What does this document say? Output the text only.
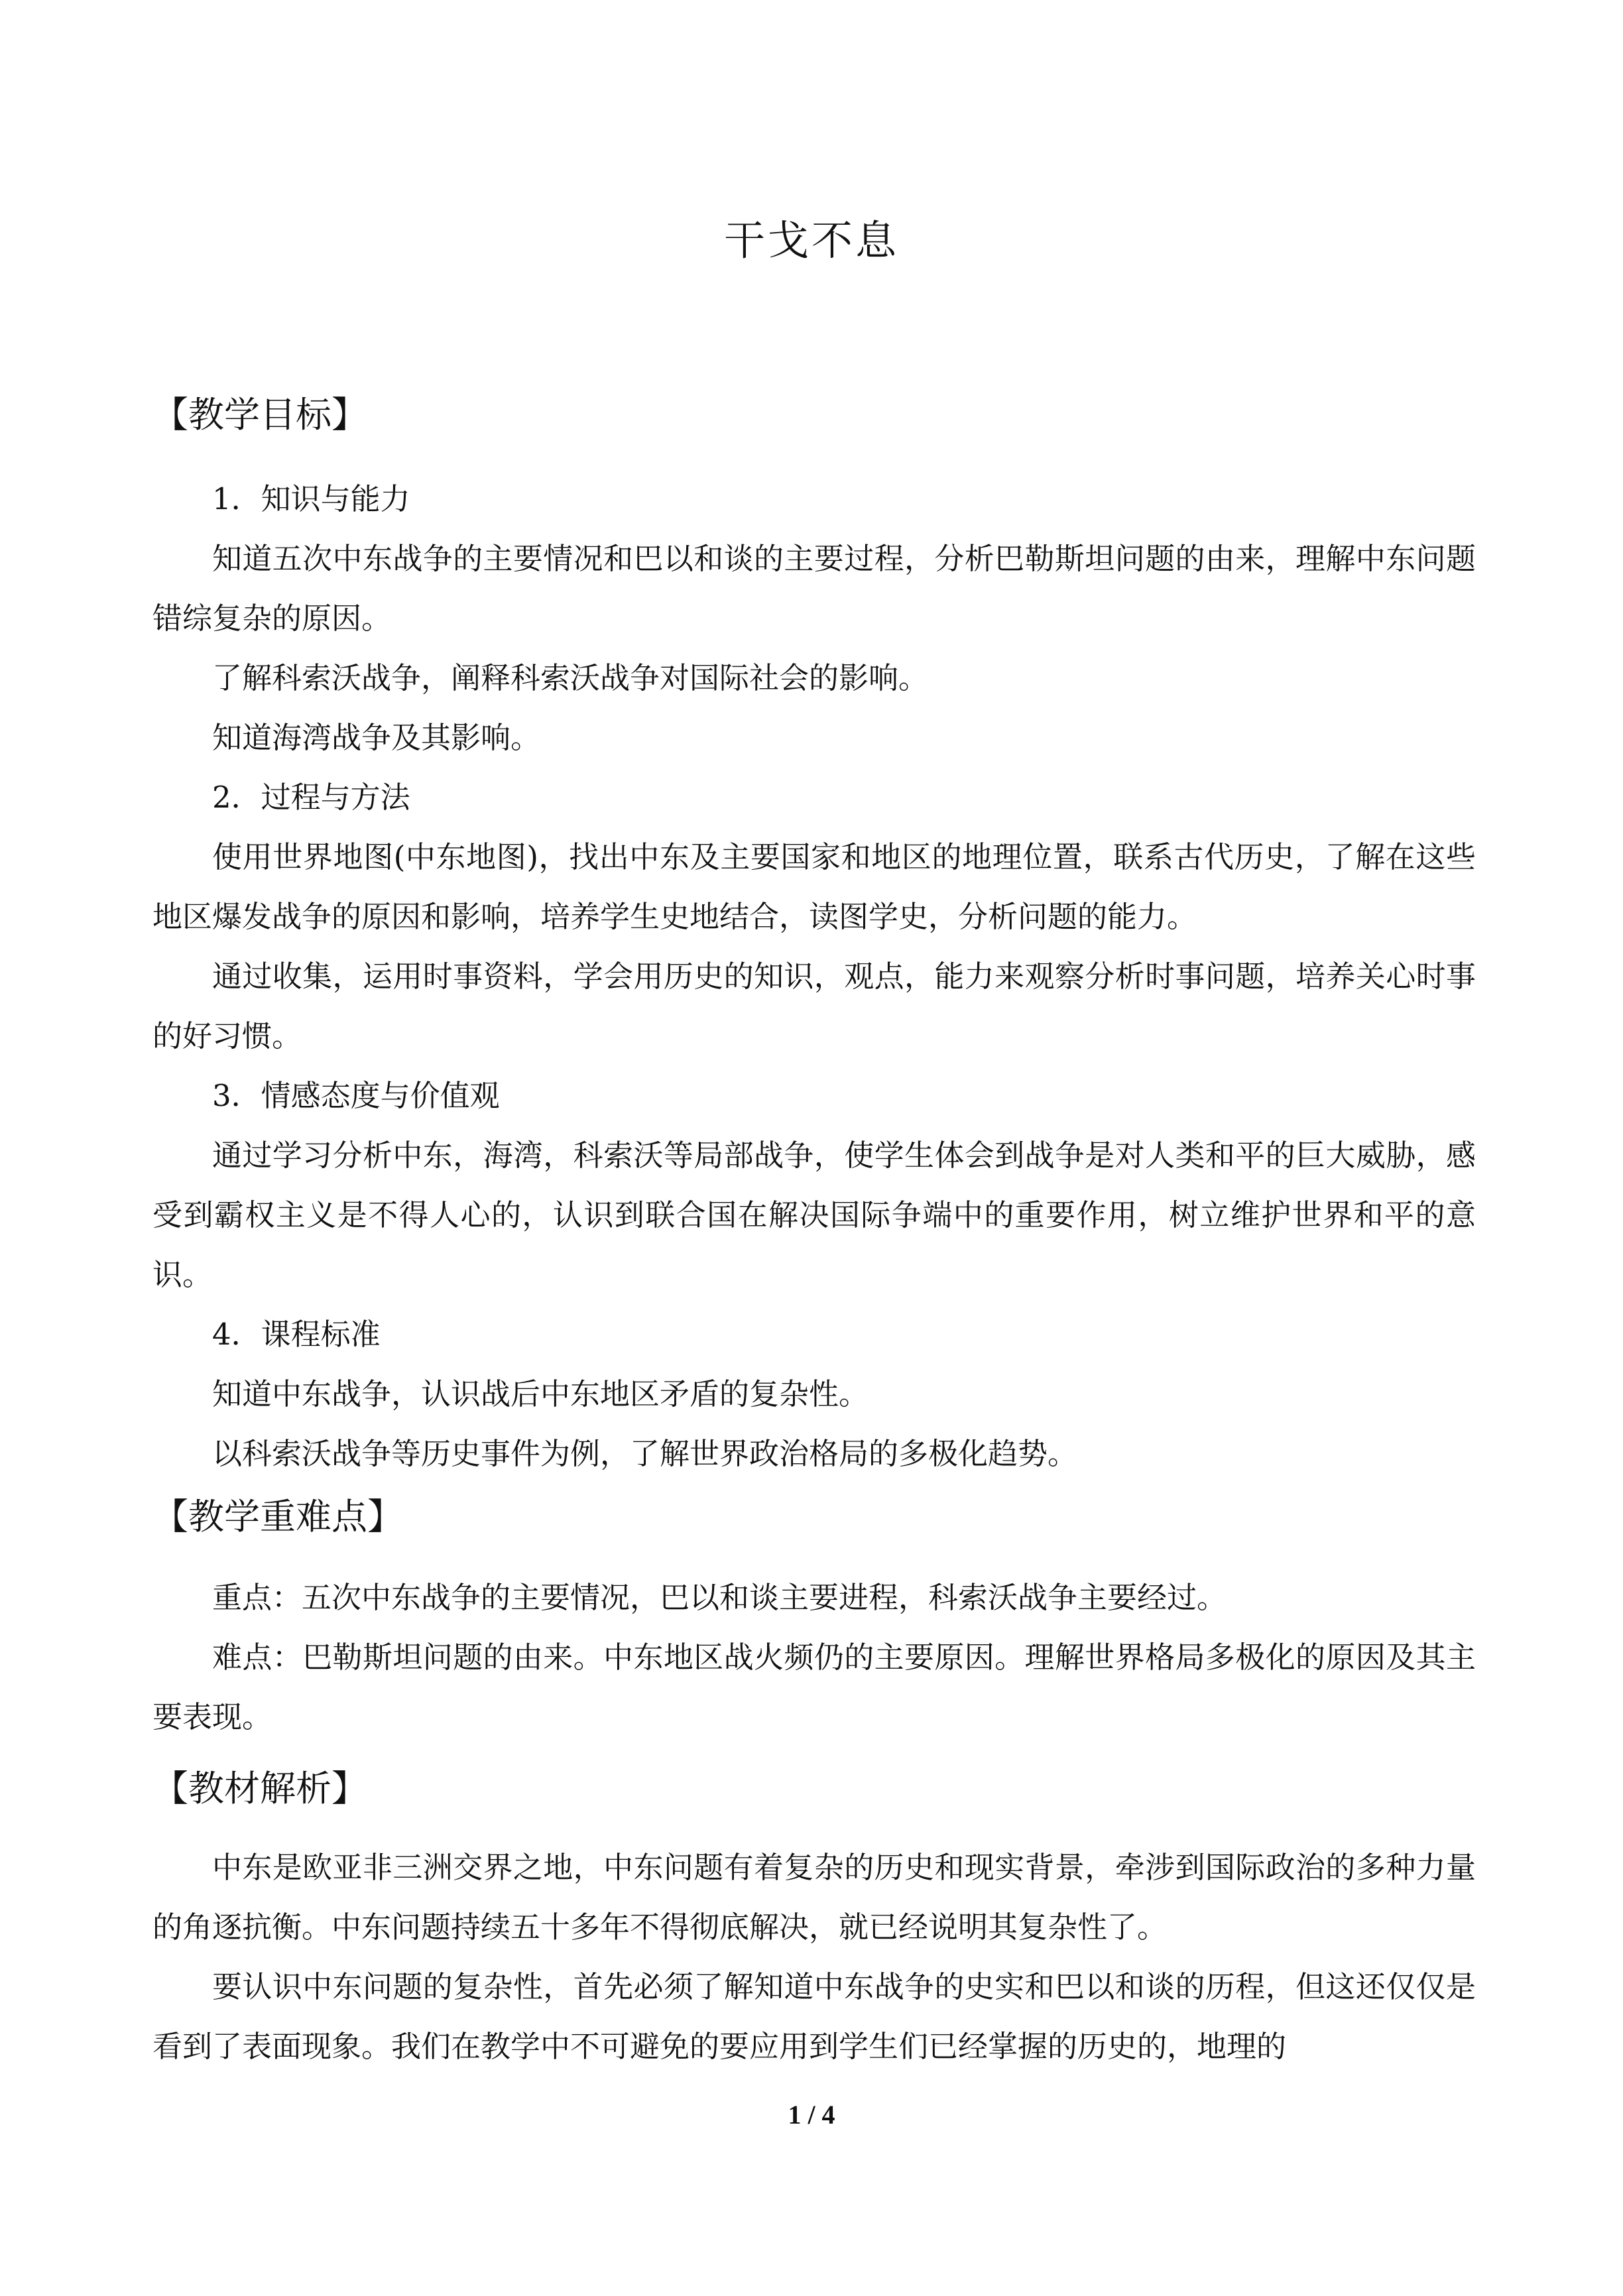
干戈不息
【教学目标】

1．知识与能力

知道五次中东战争的主要情况和巴以和谈的主要过程，分析巴勒斯坦问题的由来，理解中东问题错综复杂的原因。

了解科索沃战争，阐释科索沃战争对国际社会的影响。

知道海湾战争及其影响。

2．过程与方法

使用世界地图(中东地图)，找出中东及主要国家和地区的地理位置，联系古代历史，了解在这些地区爆发战争的原因和影响，培养学生史地结合，读图学史，分析问题的能力。

通过收集，运用时事资料，学会用历史的知识，观点，能力来观察分析时事问题，培养关心时事的好习惯。

3．情感态度与价值观

通过学习分析中东，海湾，科索沃等局部战争，使学生体会到战争是对人类和平的巨大威胁，感受到霸权主义是不得人心的，认识到联合国在解决国际争端中的重要作用，树立维护世界和平的意识。

4．课程标准

知道中东战争，认识战后中东地区矛盾的复杂性。

以科索沃战争等历史事件为例，了解世界政治格局的多极化趋势。

【教学重难点】

重点：五次中东战争的主要情况，巴以和谈主要进程，科索沃战争主要经过。

难点：巴勒斯坦问题的由来。中东地区战火频仍的主要原因。理解世界格局多极化的原因及其主要表现。

【教材解析】

中东是欧亚非三洲交界之地，中东问题有着复杂的历史和现实背景，牵涉到国际政治的多种力量的角逐抗衡。中东问题持续五十多年不得彻底解决，就已经说明其复杂性了。

要认识中东问题的复杂性，首先必须了解知道中东战争的史实和巴以和谈的历程，但这还仅仅是看到了表面现象。我们在教学中不可避免的要应用到学生们已经掌握的历史的，地理的

1 / 4
